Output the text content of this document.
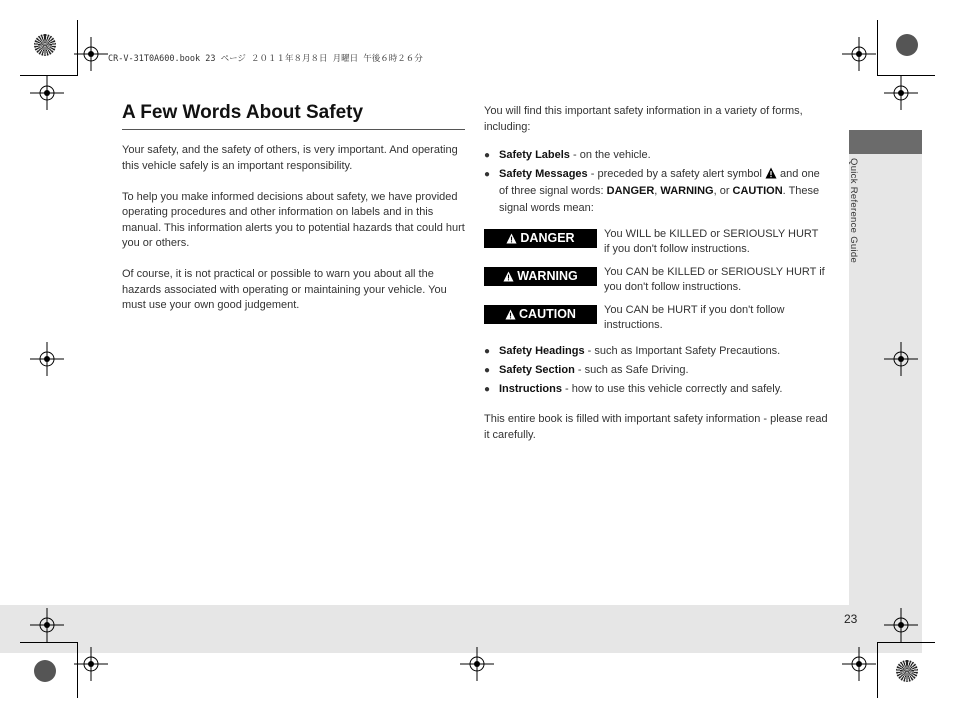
Quick Reference Guide
23
CR-V-31T0A600.book 23 ページ ２０１１年８月８日 月曜日 午後６時２６分
A Few Words About Safety

Your safety, and the safety of others, is very important. And operating this vehicle safely is an important responsibility.

To help you make informed decisions about safety, we have provided operating procedures and other information on labels and in this manual. This information alerts you to potential hazards that could hurt you or others.

Of course, it is not practical or possible to warn you about all the hazards associated with operating or maintaining your vehicle. You must use your own good judgement.

You will find this important safety information in a variety of forms, including:

● Safety Labels - on the vehicle.
● Safety Messages - preceded by a safety alert symbol  and one of three signal words: DANGER, WARNING, or CAUTION. These signal words mean:
DANGER	You WILL be KILLED or SERIOUSLY HURT if you don't follow instructions.
WARNING You CAN be KILLED or SERIOUSLY HURT if you don't follow instructions.
CAUTION	You CAN be HURT if you don't follow instructions.
● Safety Headings - such as Important Safety Precautions.
● Safety Section - such as Safe Driving.
● Instructions - how to use this vehicle correctly and safely.

This entire book is filled with important safety information - please read it carefully.
